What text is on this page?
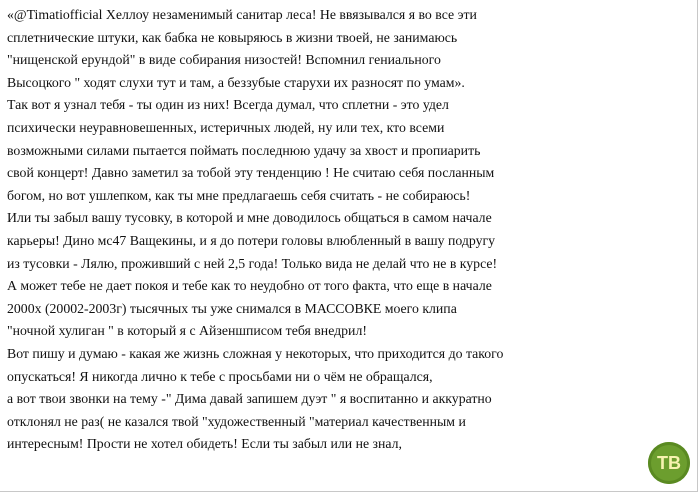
«@Timatiofficial Хеллоу незаменимый санитар леса! Не ввязывался я во все эти
сплетнические штуки, как бабка не ковыряюсь в жизни твоей, не занимаюсь
"нищенской ерундой" в виде собирания низостей! Вспомнил гениального
Высоцкого " ходят слухи тут и там, а беззубые старухи их разносят по умам».
Так вот я узнал тебя - ты один из них! Всегда думал, что сплетни - это удел
психически неуравновешенных, истеричных людей, ну или тех, кто всеми
возможными силами пытается поймать последнюю удачу за хвост и пропиарить
свой концерт! Давно заметил за тобой эту тенденцию ! Не считаю себя посланным
богом, но вот ушлепком, как ты мне предлагаешь себя считать - не собираюсь!
Или ты забыл вашу тусовку, в которой и мне доводилось общаться в самом начале
карьеры! Дино мс47 Ващекины, и я до потери головы влюбленный в вашу подругу
из тусовки - Лялю, проживший с ней 2,5 года! Только вида не делай что не в курсе!
А может тебе не дает покоя и тебе как то неудобно от того факта, что еще в начале
2000х (20002-2003г) тысячных ты уже снимался в МАССОВКЕ моего клипа
"ночной хулиган " в который я с Айзеншписом тебя внедрил!
Вот пишу и думаю - какая же жизнь сложная у некоторых, что приходится до такого
опускаться! Я никогда лично к тебе с просьбами ни о чём не обращался,
а вот твои звонки на тему -" Дима давай запишем дуэт " я воспитанно и аккуратно
отклонял не раз( не казался твой "художественный "материал качественным и
интересным! Прости не хотел обидеть! Если ты забыл или не знал,
ТВ
